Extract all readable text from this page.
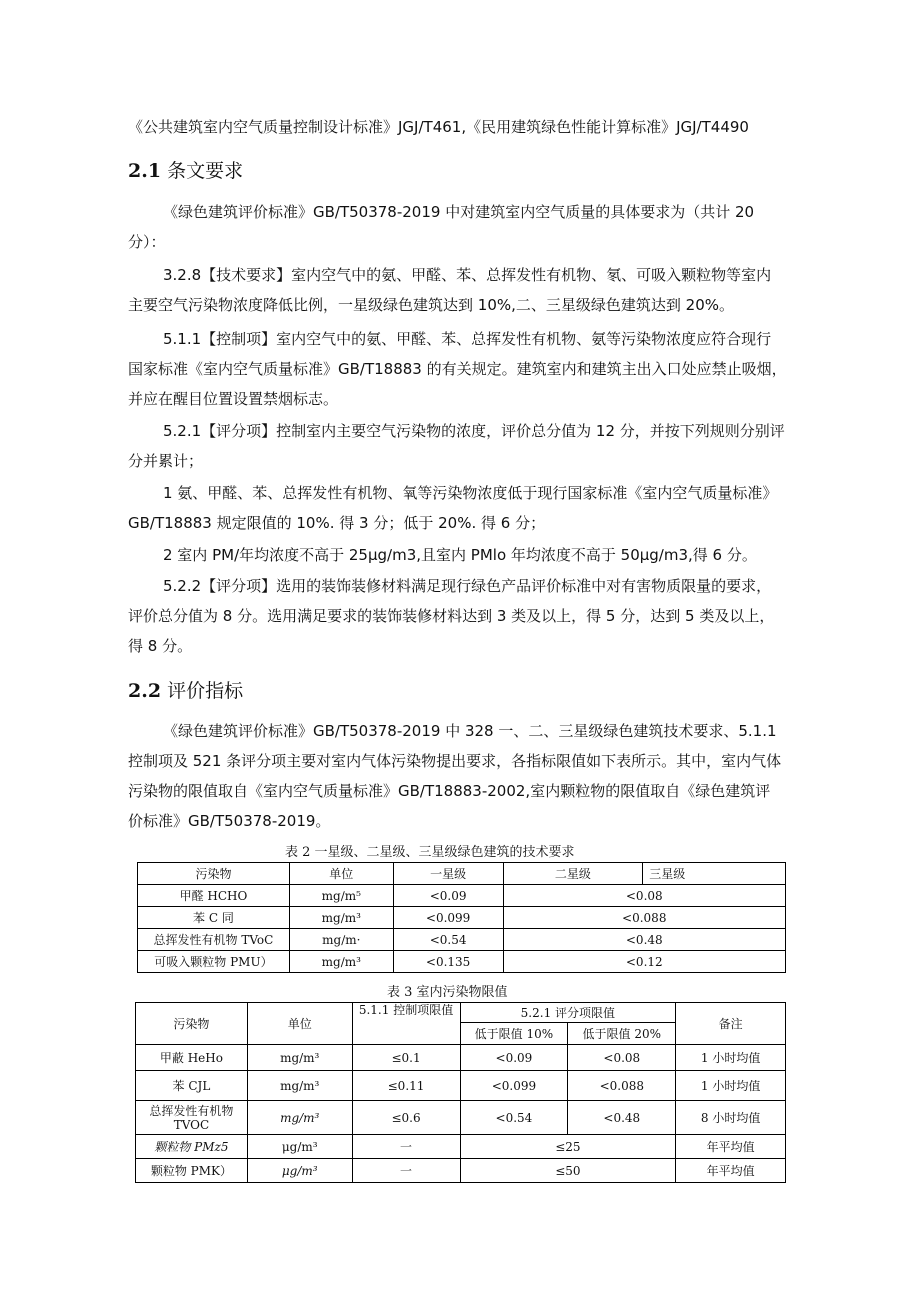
《公共建筑室内空气质量控制设计标准》JGJ/T461,《民用建筑绿色性能计算标准》JGJ/T4490

2.1 条文要求

《绿色建筑评价标准》GB/T50378-2019 中对建筑室内空气质量的具体要求为（共计 20

分）：

3.2.8【技术要求】室内空气中的氨、甲醛、苯、总挥发性有机物、氡、可吸入颗粒物等室内

主要空气污染物浓度降低比例，一星级绿色建筑达到 10%,二、三星级绿色建筑达到 20%。

5.1.1【控制项】室内空气中的氨、甲醛、苯、总挥发性有机物、氨等污染物浓度应符合现行

国家标准《室内空气质量标准》GB/T18883 的有关规定。建筑室内和建筑主出入口处应禁止吸烟，

并应在醒目位置设置禁烟标志。

5.2.1【评分项】控制室内主要空气污染物的浓度，评价总分值为 12 分，并按下列规则分别评

分并累计；

1 氨、甲醛、苯、总挥发性有机物、氧等污染物浓度低于现行国家标准《室内空气质量标准》

GB/T18883 规定限值的 10%. 得 3 分；低于 20%. 得 6 分；

2 室内 PM/年均浓度不高于 25μg∕m3,且室内 PMlo 年均浓度不高于 50μg∕m3,得 6 分。

5.2.2【评分项】选用的装饰装修材料满足现行绿色产品评价标准中对有害物质限量的要求，

评价总分值为 8 分。选用满足要求的装饰装修材料达到 3 类及以上，得 5 分，达到 5 类及以上，

得 8 分。

2.2 评价指标

《绿色建筑评价标准》GB/T50378-2019 中 328 一、二、三星级绿色建筑技术要求、5.1.1

控制项及 521 条评分项主要对室内气体污染物提出要求，各指标限值如下表所示。其中，室内气体

污染物的限值取自《室内空气质量标准》GB/T18883-2002,室内颗粒物的限值取自《绿色建筑评

价标准》GB/T50378-2019。

表 2 一星级、二星级、三星级绿色建筑的技术要求
污染物	单位	一星级	二星级	三星级
甲醛 HCHO	mg∕m⁵	<0.09	<0.08	
苯 C 同	mg∕m³	<0.099	<0.088	
总挥发性有机物 TVoC	mg∕m·	<0.54	<0.48	
可吸入颗粒物 PMU）	mg∕m³	<0.135	<0.12	
表 3 室内污染物限值
污染物	单位	5.1.1 控制项限值	5.2.1 评分项限值		备注
			低于限值 10%	低于限值 20%	
甲蔽 HeHo	mg/m³	≤0.1	<0.09	<0.08	1 小时均值
苯 CJL	mg/m³	≤0.11	<0.099	<0.088	1 小时均值
总挥发性有机物
TVOC	mg/m³	≤0.6	<0.54	<0.48	8 小时均值
颗粒物 PMz5	μg/m³	一	≤25		年平均值
颗粒物 PMK）	μg/m³	一	≤50		年平均值
